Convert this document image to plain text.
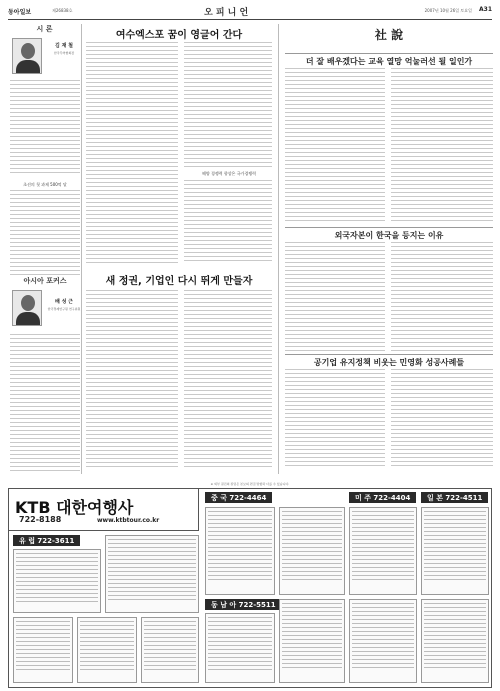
동아일보	제26838호	오 피 니 언	2007년 10월 26일 토요일 A31
시 론
김 재 철
한국무역협회장
초선의 첫 과제 500억 달
아시아 포커스
배 성 근
한국경제연구원 연구위원
여수엑스포 꿈이 영글어 간다
해양 경쟁력 향상은 국가경쟁력
새 정권, 기업인 다시 뛰게 만들자
社 說
더 잘 배우겠다는 교육 열망 억눌러선 될 일인가
외국자본이 한국을 등지는 이유
공기업 유지정책 비웃는 민영화 성공사례들
※ 외부 필진의 칼럼은 본보의 편집 방향과 다를 수 있습니다.
KTB 대한여행사
722-8188	www.ktbtour.co.kr
중 국 722-4464	미 주 722-4404	일 본 722-4511
유 럽 722-3611
동 남 아 722-5511
